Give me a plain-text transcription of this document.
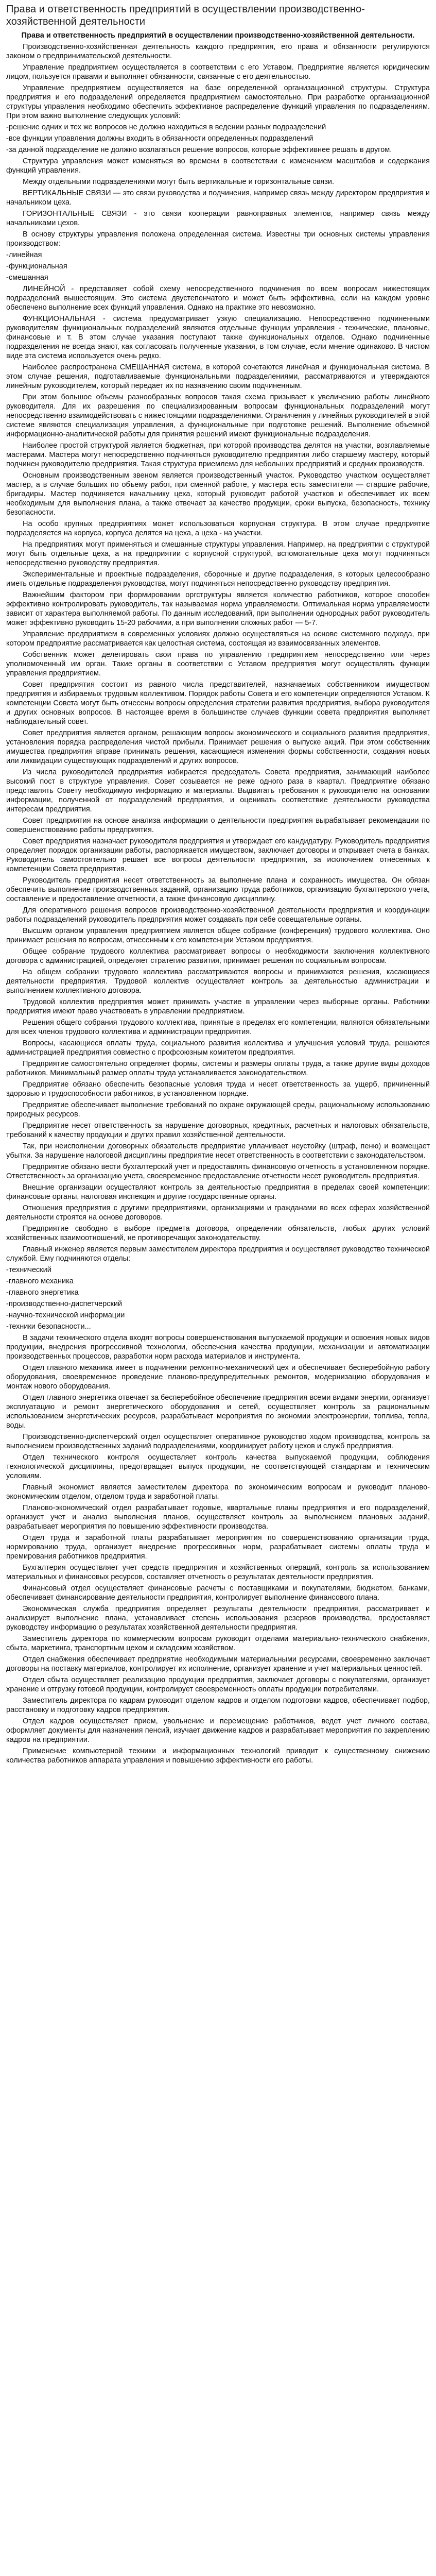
Права и ответственность предприятий в осуществлении производственно-хозяйственной деятельности
Права и ответственность предприятий в осуществлении производственно-хозяйственной деятельности.

Производственно-хозяйственная деятельность каждого предприятия, его права и обязанности регулируются законом о предпринимательской деятельности.

Управление предприятием осуществляется в соответствии с его Уставом. Предприятие является юридическим лицом, пользуется правами и выполняет обязанности, связанные с его деятельностью.

Управление предприятием осуществляется на базе определенной организационной структуры. Структура предприятия и его подразделений определяется предприятием самостоятельно. При разработке организационной структуры управления необходимо обеспечить эффективное распределение функций управления по подразделениям. При этом важно выполнение следующих условий:

-решение одних и тех же вопросов не должно находиться в ведении разных подразделений

-все функции управления должны входить в обязанности определенных подразделений

-за данной подразделение не должно возлагаться решение вопросов, которые эффективнее решать в другом.

Структура управления может изменяться во времени в соответствии с изменением масштабов и содержания функций управления.

Между отдельными подразделениями могут быть вертикальные и горизонтальные связи.

ВЕРТИКАЛЬНЫЕ СВЯЗИ — это связи руководства и подчинения, например связь между директором предприятия и начальником цеха.

ГОРИЗОНТАЛЬНЫЕ СВЯЗИ - это связи кооперации равноправных элементов, например связь между начальниками цехов.

В основу структуры управления положена определенная система. Известны три основных системы управления производством:

-линейная

-функциональная

-смешанная

ЛИНЕЙНОЙ - представляет собой схему непосредственного подчинения по всем вопросам нижестоящих подразделений вышестоящим. Это система двустепенчатого и может быть эффективна, если на каждом уровне обеспечено выполнение всех функций управления. Однако на практике это невозможно.

ФУНКЦИОНАЛЬНАЯ - система предусматривает узкую специализацию. Непосредственно подчиненными руководителям функциональных подразделений являются отдельные функции управления - технические, плановые, финансовые и т. В этом случае указания поступают также функциональных отделов. Однако подчиненные подразделения не всегда знают, как согласовать полученные указания, в том случае, если мнение одинаково. В чистом виде эта система используется очень редко.

Наиболее распространена СМЕШАННАЯ система, в которой сочетаются линейная и функциональная система. В этом случае решения, подготавливаемые функциональными подразделениями, рассматриваются и утверждаются линейным руководителем, который передает их по назначению своим подчиненным.

При этом большое объемы разнообразных вопросов такая схема призывает к увеличению работы линейного руководителя. Для их разрешения по специализированным вопросам функциональных подразделений могут непосредственно взаимодействовать с нижестоящими подразделениями. Ограничения у линейных руководителей в этой системе являются специализация управления, а функциональные при подготовке решений. Выполнение объемной информационно-аналитической работы для принятия решений имеют функциональные подразделения.

Наиболее простой структурой является бюджетная, при которой производства делятся на участки, возглавляемые мастерами. Мастера могут непосредственно подчиняться руководителю предприятия либо старшему мастеру, который подчинен руководителю предприятия. Такая структура приемлема для небольших предприятий и средних производств.

Основным производственным звеном является производственный участок. Руководство участком осуществляет мастер, а в случае больших по объему работ, при сменной работе, у мастера есть заместители — старшие рабочие, бригадиры. Мастер подчиняется начальнику цеха, который руководит работой участков и обеспечивает их всем необходимым для выполнения плана, а также отвечает за качество продукции, сроки выпуска, безопасность, технику безопасности.

На особо крупных предприятиях может использоваться корпусная структура. В этом случае предприятие подразделяется на корпуса, корпуса делятся на цеха, а цеха - на участки.

На предприятиях могут применяться и смешанные структуры управления. Например, на предприятии с структурой могут быть отдельные цеха, а на предприятии с корпусной структурой, вспомогательные цеха могут подчиняться непосредственно руководству предприятия.

Экспериментальные и проектные подразделения, сборочные и другие подразделения, в которых целесообразно иметь отдельные подразделения руководства, могут подчиняться непосредственно руководству предприятия.

Важнейшим фактором при формировании оргструктуры является количество работников, которое способен эффективно контролировать руководитель, так называемая норма управляемости. Оптимальная норма управляемости зависит от характера выполняемой работы. По данным исследований, при выполнении однородных работ руководитель может эффективно руководить 15-20 рабочими, а при выполнении сложных работ — 5-7.

Управление предприятием в современных условиях должно осуществляться на основе системного подхода, при котором предприятие рассматривается как целостная система, состоящая из взаимосвязанных элементов.

Собственник может делегировать свои права по управлению предприятием непосредственно или через уполномоченный им орган. Такие органы в соответствии с Уставом предприятия могут осуществлять функции управления предприятием.

Совет предприятия состоит из равного числа представителей, назначаемых собственником имуществом предприятия и избираемых трудовым коллективом. Порядок работы Совета и его компетенции определяются Уставом. К компетенции Совета могут быть отнесены вопросы определения стратегии развития предприятия, выбора руководителя и других основных вопросов. В настоящее время в большинстве случаев функции совета предприятия выполняет наблюдательный совет.

Совет предприятия является органом, решающим вопросы экономического и социального развития предприятия, установления порядка распределения чистой прибыли. Принимает решения о выпуске акций. При этом собственник имущества предприятия вправе принимать решения, касающиеся изменения формы собственности, создания новых или ликвидации существующих подразделений и других вопросов.

Из числа руководителей предприятия избирается председатель Совета предприятия, занимающий наиболее высокий пост в структуре управления. Совет созывается не реже одного раза в квартал. Предприятие обязано представлять Совету необходимую информацию и материалы. Выдвигать требования к руководителю на основании информации, полученной от подразделений предприятия, и оценивать соответствие деятельности руководства интересам предприятия.

Совет предприятия на основе анализа информации о деятельности предприятия вырабатывает рекомендации по совершенствованию работы предприятия.

Совет предприятия назначает руководителя предприятия и утверждает его кандидатуру. Руководитель предприятия определяет порядок организации работы, распоряжается имуществом, заключает договоры и открывает счета в банках. Руководитель самостоятельно решает все вопросы деятельности предприятия, за исключением отнесенных к компетенции Совета предприятия.

Руководитель предприятия несет ответственность за выполнение плана и сохранность имущества. Он обязан обеспечить выполнение производственных заданий, организацию труда работников, организацию бухгалтерского учета, составление и предоставление отчетности, а также финансовую дисциплину.

Для оперативного решения вопросов производственно-хозяйственной деятельности предприятия и координации работы подразделений руководитель предприятия может создавать при себе совещательные органы.

Высшим органом управления предприятием является общее собрание (конференция) трудового коллектива. Оно принимает решения по вопросам, отнесенным к его компетенции Уставом предприятия.

Общее собрание трудового коллектива рассматривает вопросы о необходимости заключения коллективного договора с администрацией, определяет стратегию развития, принимает решения по социальным вопросам.

На общем собрании трудового коллектива рассматриваются вопросы и принимаются решения, касающиеся деятельности предприятия. Трудовой коллектив осуществляет контроль за деятельностью администрации и выполнением коллективного договора.

Трудовой коллектив предприятия может принимать участие в управлении через выборные органы. Работники предприятия имеют право участвовать в управлении предприятием.

Решения общего собрания трудового коллектива, принятые в пределах его компетенции, являются обязательными для всех членов трудового коллектива и администрации предприятия.

Вопросы, касающиеся оплаты труда, социального развития коллектива и улучшения условий труда, решаются администрацией предприятия совместно с профсоюзным комитетом предприятия.

Предприятие самостоятельно определяет формы, системы и размеры оплаты труда, а также другие виды доходов работников. Минимальный размер оплаты труда устанавливается законодательством.

Предприятие обязано обеспечить безопасные условия труда и несет ответственность за ущерб, причиненный здоровью и трудоспособности работников, в установленном порядке.

Предприятие обеспечивает выполнение требований по охране окружающей среды, рациональному использованию природных ресурсов.

Предприятие несет ответственность за нарушение договорных, кредитных, расчетных и налоговых обязательств, требований к качеству продукции и других правил хозяйственной деятельности.

Так, при неисполнении договорных обязательств предприятие уплачивает неустойку (штраф, пеню) и возмещает убытки. За нарушение налоговой дисциплины предприятие несет ответственность в соответствии с законодательством.

Предприятие обязано вести бухгалтерский учет и предоставлять финансовую отчетность в установленном порядке. Ответственность за организацию учета, своевременное предоставление отчетности несет руководитель предприятия.

Внешние организации осуществляют контроль за деятельностью предприятия в пределах своей компетенции: финансовые органы, налоговая инспекция и другие государственные органы.

Отношения предприятия с другими предприятиями, организациями и гражданами во всех сферах хозяйственной деятельности строятся на основе договоров.

Предприятие свободно в выборе предмета договора, определении обязательств, любых других условий хозяйственных взаимоотношений, не противоречащих законодательству.

Главный инженер является первым заместителем директора предприятия и осуществляет руководство технической службой. Ему подчиняются отделы:

-технический

-главного механика

-главного энергетика

-производственно-диспетчерский

-научно-технической информации

-техники безопасности...

В задачи технического отдела входят вопросы совершенствования выпускаемой продукции и освоения новых видов продукции, внедрения прогрессивной технологии, обеспечения качества продукции, механизации и автоматизации производственных процессов, разработки норм расхода материалов и инструмента.

Отдел главного механика имеет в подчинении ремонтно-механический цех и обеспечивает бесперебойную работу оборудования, своевременное проведение планово-предупредительных ремонтов, модернизацию оборудования и монтаж нового оборудования.

Отдел главного энергетика отвечает за бесперебойное обеспечение предприятия всеми видами энергии, организует эксплуатацию и ремонт энергетического оборудования и сетей, осуществляет контроль за рациональным использованием энергетических ресурсов, разрабатывает мероприятия по экономии электроэнергии, топлива, тепла, воды.

Производственно-диспетчерский отдел осуществляет оперативное руководство ходом производства, контроль за выполнением производственных заданий подразделениями, координирует работу цехов и служб предприятия.

Отдел технического контроля осуществляет контроль качества выпускаемой продукции, соблюдения технологической дисциплины, предотвращает выпуск продукции, не соответствующей стандартам и техническим условиям.

Главный экономист является заместителем директора по экономическим вопросам и руководит планово-экономическим отделом, отделом труда и заработной платы.

Планово-экономический отдел разрабатывает годовые, квартальные планы предприятия и его подразделений, организует учет и анализ выполнения планов, осуществляет контроль за выполнением плановых заданий, разрабатывает мероприятия по повышению эффективности производства.

Отдел труда и заработной платы разрабатывает мероприятия по совершенствованию организации труда, нормированию труда, организует внедрение прогрессивных норм, разрабатывает системы оплаты труда и премирования работников предприятия.

Бухгалтерия осуществляет учет средств предприятия и хозяйственных операций, контроль за использованием материальных и финансовых ресурсов, составляет отчетность о результатах деятельности предприятия.

Финансовый отдел осуществляет финансовые расчеты с поставщиками и покупателями, бюджетом, банками, обеспечивает финансирование деятельности предприятия, контролирует выполнение финансового плана.

Экономическая служба предприятия определяет результаты деятельности предприятия, рассматривает и анализирует выполнение плана, устанавливает степень использования резервов производства, предоставляет руководству информацию о результатах хозяйственной деятельности предприятия.

Заместитель директора по коммерческим вопросам руководит отделами материально-технического снабжения, сбыта, маркетинга, транспортным цехом и складским хозяйством.

Отдел снабжения обеспечивает предприятие необходимыми материальными ресурсами, своевременно заключает договоры на поставку материалов, контролирует их исполнение, организует хранение и учет материальных ценностей.

Отдел сбыта осуществляет реализацию продукции предприятия, заключает договоры с покупателями, организует хранение и отгрузку готовой продукции, контролирует своевременность оплаты продукции потребителями.

Заместитель директора по кадрам руководит отделом кадров и отделом подготовки кадров, обеспечивает подбор, расстановку и подготовку кадров предприятия.

Отдел кадров осуществляет прием, увольнение и перемещение работников, ведет учет личного состава, оформляет документы для назначения пенсий, изучает движение кадров и разрабатывает мероприятия по закреплению кадров на предприятии.

Применение компьютерной техники и информационных технологий приводит к существенному снижению количества работников аппарата управления и повышению эффективности его работы.
